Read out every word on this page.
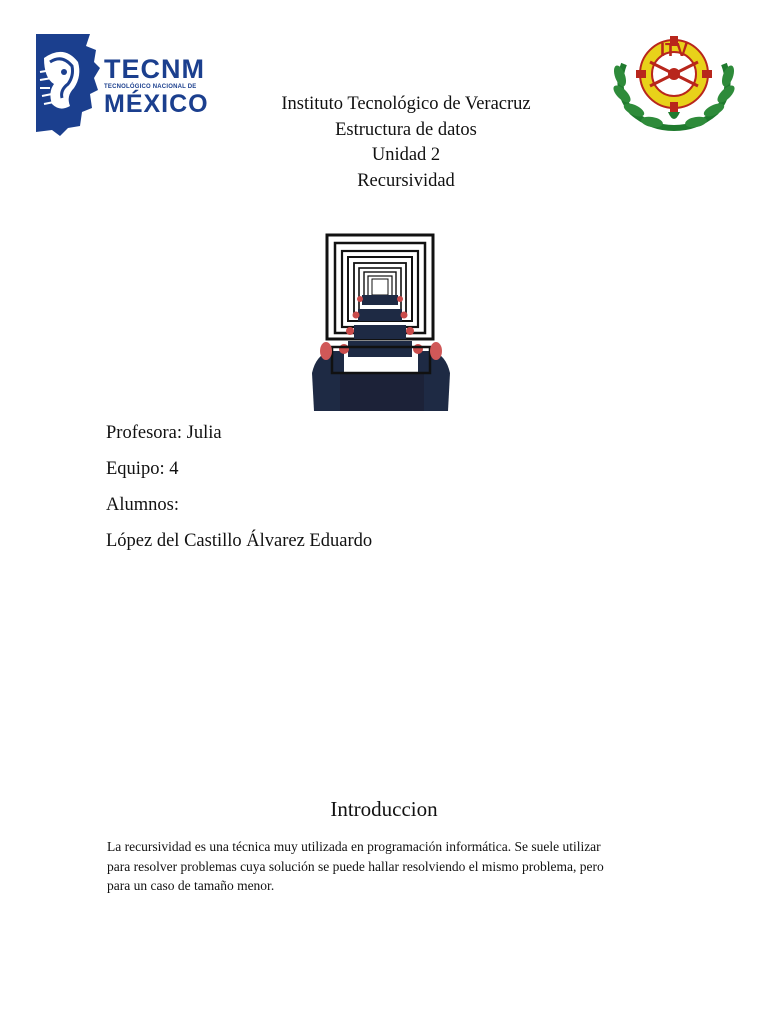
TECNM
TECNOLÓGICO NACIONAL DE
MÉXICO
ITV
Instituto Tecnológico de Veracruz
Estructura de datos
Unidad 2
Recursividad
Profesora: Julia
Equipo: 4
Alumnos:
López del Castillo Álvarez Eduardo
Introduccion
La recursividad es una técnica muy utilizada en programación informática. Se suele utilizar
para resolver problemas cuya solución se puede hallar resolviendo el mismo problema, pero
para un caso de tamaño menor.
